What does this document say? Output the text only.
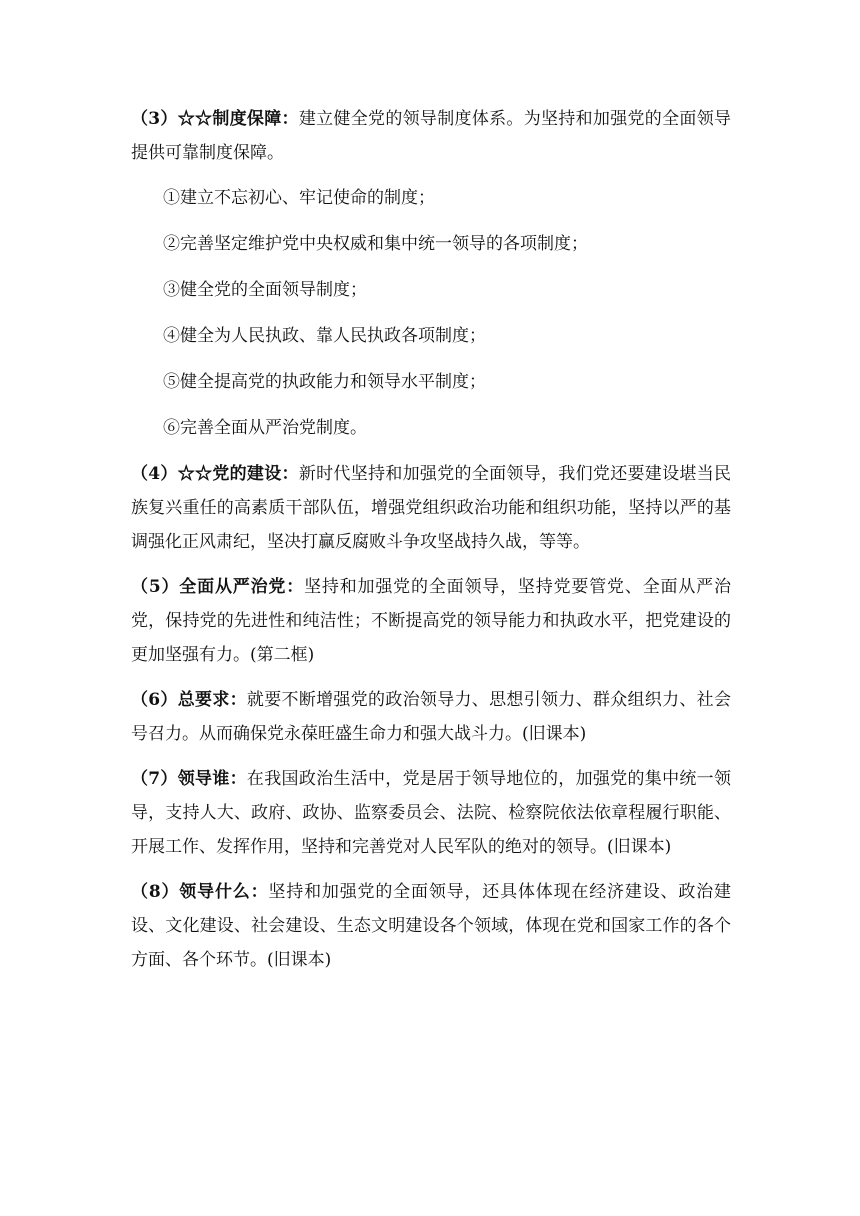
（3）☆☆制度保障：建立健全党的领导制度体系。为坚持和加强党的全面领导提供可靠制度保障。

①建立不忘初心、牢记使命的制度；

②完善坚定维护党中央权威和集中统一领导的各项制度；

③健全党的全面领导制度；

④健全为人民执政、靠人民执政各项制度；

⑤健全提高党的执政能力和领导水平制度；

⑥完善全面从严治党制度。

（4）☆☆党的建设：新时代坚持和加强党的全面领导，我们党还要建设堪当民族复兴重任的高素质干部队伍，增强党组织政治功能和组织功能，坚持以严的基调强化正风肃纪，坚决打赢反腐败斗争攻坚战持久战，等等。

（5）全面从严治党：坚持和加强党的全面领导，坚持党要管党、全面从严治党，保持党的先进性和纯洁性；不断提高党的领导能力和执政水平，把党建设的更加坚强有力。(第二框)

（6）总要求：就要不断增强党的政治领导力、思想引领力、群众组织力、社会号召力。从而确保党永葆旺盛生命力和强大战斗力。(旧课本)

（7）领导谁：在我国政治生活中，党是居于领导地位的，加强党的集中统一领导，支持人大、政府、政协、监察委员会、法院、检察院依法依章程履行职能、开展工作、发挥作用，坚持和完善党对人民军队的绝对的领导。(旧课本)

（8）领导什么：坚持和加强党的全面领导，还具体体现在经济建设、政治建设、文化建设、社会建设、生态文明建设各个领域，体现在党和国家工作的各个方面、各个环节。(旧课本)
